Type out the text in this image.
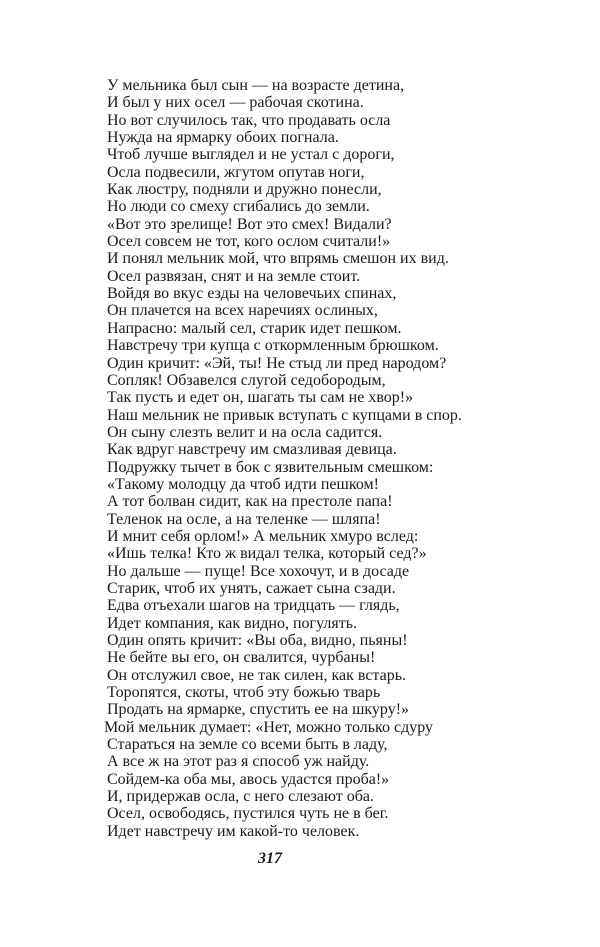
У мельника был сын — на возрасте детина,
И был у них осел — рабочая скотина.
Но вот случилось так, что продавать осла
Нужда на ярмарку обоих погнала.
Чтоб лучше выглядел и не устал с дороги,
Осла подвесили, жгутом опутав ноги,
Как люстру, подняли и дружно понесли,
Но люди со смеху сгибались до земли.
«Вот это зрелище! Вот это смех! Видали?
Осел совсем не тот, кого ослом считали!»
И понял мельник мой, что впрямь смешон их вид.
Осел развязан, снят и на земле стоит.
Войдя во вкус езды на человечьих спинах,
Он плачется на всех наречиях ослиных,
Напрасно: малый сел, старик идет пешком.
Навстречу три купца с откормленным брюшком.
Один кричит: «Эй, ты! Не стыд ли пред народом?
Сопляк! Обзавелся слугой седобородым,
Так пусть и едет он, шагать ты сам не хвор!»
Наш мельник не привык вступать с купцами в спор.
Он сыну слезть велит и на осла садится.
Как вдруг навстречу им смазливая девица.
Подружку тычет в бок с язвительным смешком:
«Такому молодцу да чтоб идти пешком!
А тот болван сидит, как на престоле папа!
Теленок на осле, а на теленке — шляпа!
И мнит себя орлом!» А мельник хмуро вслед:
«Ишь телка! Кто ж видал телка, который сед?»
Но дальше — пуще! Все хохочут, и в досаде
Старик, чтоб их унять, сажает сына сзади.
Едва отъехали шагов на тридцать — глядь,
Идет компания, как видно, погулять.
Один опять кричит: «Вы оба, видно, пьяны!
Не бейте вы его, он свалится, чурбаны!
Он отслужил свое, не так силен, как встарь.
Торопятся, скоты, чтоб эту божью тварь
Продать на ярмарке, спустить ее на шкуру!»
Мой мельник думает: «Нет, можно только сдуру
Стараться на земле со всеми быть в ладу,
А все ж на этот раз я способ уж найду.
Сойдем-ка оба мы, авось удастся проба!»
И, придержав осла, с него слезают оба.
Осел, освободясь, пустился чуть не в бег.
Идет навстречу им какой-то человек.
317
